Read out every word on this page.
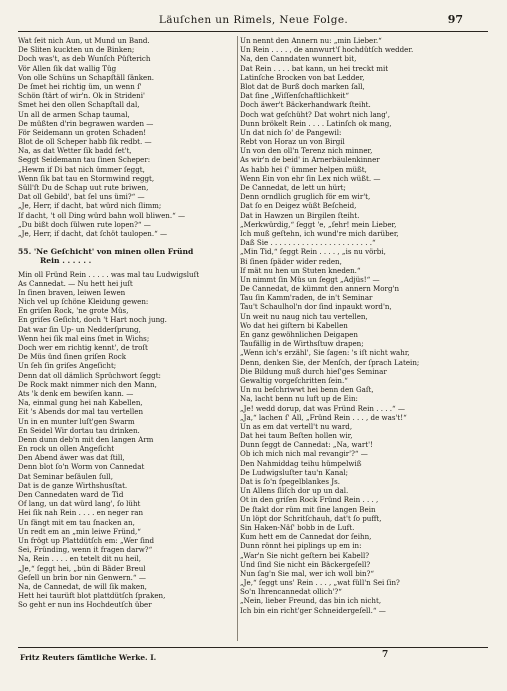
Läuſchen un Rimels, Neue Folge.	97
Wat ſeit nich Aun, ut Mund un Band.
De Sliten kuckten un de Binken;
Doch was't, as deb Wunſch Püſterich
Vör Allen ſik dat wallig Tüg
Von olle Schüns un Schapſtäll ſänken.
De ſmet hei richtig üm, un wenn ſ'
Schön ſtärt of wir'n. Ok in Strideni'
Smet hei den ollen Schapſtall dal,
Un all de armen Schap taumal,
De müßten d'rin begrawen warden —
För Seidemann un groten Schaden!
Blot de oll Scheper habb ſik redbt. —
Na, as dat Wetter ſik badd ſet't,
Seggt Seidemann tau ſinen Scheper:
„Hewm if Di bat nich ümmer ſeggt,
Wenn ſik bat tau en Stormwind reggt,
Süll'ſt Du de Schap uut rute briwen,
Dat oll Gebild', bat ſel uns ümi?“ —
„Je, Herr, if dacht, bat würd nich ſlimm;
If dacht, 't oll Ding würd bahn woll bliwen.“ —
„Du bißt doch ſülwen rute lopen?“ —
„Je, Herr, if dacht, dat ſchöt taulopen.“ —
55. 'Ne Geſchicht' von minen ollen Fründ
Rein . . . . . .
Min oll Fründ Rein . . . . . was mal tau Ludwigsluſt
As Cannedat. — Nu hett hei juſt
In ſinen braven, leiwen Iewen
Nich vel up ſchöne Kleidung gewen:
En griſen Rock, 'ne grote Müs,
En griſes Geſicht, doch 't Hart noch jung.
Dat war ſin Up- un Nedderſprung,
Wenn hei ſik mal eins ſmet in Wichs;
Doch wer em richtig kennt', de troſt
De Müs ünd ſinen griſen Rock
Un ſeh ſin griſes Angeſicht;
Denn dat oll dämlich Sprüchwort ſeggt:
De Rock makt nimmer nich den Mann,
Ats 'k denk em bewiſen kann. —
Na, einmal gung hei nah Kabellen,
Eit 's Abends dor mal tau vertellen
Un in en munter luſt'gen Swarm
En Seidel Wir dortau tau drinken.
Denn dunn deb'n mit den langen Arm
En rock un ollen Angeſicht
Den Abend äwer was dat ſtill,
Denn blot ſo'n Worm von Cannedat
Dat Seminar beſäulen ſull,
Dat is de ganze Wirthshusſtat.
Den Cannedaten ward de Tid
Of lang, un dat würd lang', ſo lüht
Hei ſik nah Rein . . . . en neger ran
Un fängt mit em tau ſnacken an,
Un redt em an „min leiwe Fründ,“
Un frögt up Plattdütſch em: „Wer ſind
Sei, Fründing, wenn it fragen darw?“
Na, Rein . . . . en tetelt dit nu heil,
„Je,“ ſeggt hei, „bün di Bäder Breul
Geſell un brin bor nin Genwern.“ —
Na, de Cannedat, de will ſik maken,
Hett hei taurüft blot plattdütſch ſpraken,
So geht er nun ins Hochdeutſch über
Un nennt den Annern nu: „min Lieber.“
Un Rein . . . . , de annwurt'ſ hochdütſch wedder.
Na, den Canndaten wunnert bit,
Dat Rein . . . . bat kann, un hei treckt mit
Latinſche Brocken von bat Ledder,
Blot dat de Burß doch marken ſall,
Dat ſine „Wiſſenſchaftlichkeit“
Doch äwer't Bäckerhandwark ſteiht.
Doch wat geſchüht? Dat wohrt nich lang',
Dunn brökelt Rein . . . . Latinſch ok mang,
Un dat nich ſo' de Pangewil:
Rebt von Horaz un von Birgil
Un von den oll'n Terenz nich minner,
As wir'n de beid' in Arnerbäulenkinner
As habb hei ſ' ümmer helpen müßt,
Wenn Ein von ehr ſin Lex nich wüßt. —
De Cannedat, de lett un hürt;
Denn orndlich gruglich för em wir't,
Dat ſo en Deigez wüßt Beſcheid,
Dat in Hawzen un Birgilen ſteiht.
„Merkwürdig,“ ſeggt 'e, „ſehr! mein Lieber,
Ich muß geſtehn, ich wund're mich darüber,
Daß Sie . . . . . . . . . . . . . . . . . . . . . . .“
„Min Tid,“ ſeggt Rein . . . . , „is nu vörbi,
Bi ſinen ſpäder wider reden,
If mät nu hen un Stuten kneden.“
Un nimmt ſin Müs un ſeggt „Adjüs!“ —
De Cannedat, de kümmt den annern Morg'n
Tau ſin Kamm'raden, de in't Seminar
Tau't Schaulhol'n dor ſind inpaukt word'n,
Un weit nu naug nich tau vertellen,
Wo dat hei giſtern bi Kabellen
En ganz gewöhnlichen Deigapen
Taufällig in de Wirthsſtuw drapen;
„Wenn ich's erzähl', Sie ſagen: 's iſt nicht wahr,
Denn, denken Sie, der Menſch, der ſprach Latein;
Die Bildung muß durch hieſ'ges Seminar
Gewaltig vorgeſchritten ſein.“
Un nu beſchriwwt hei benn den Gaſt,
Na, lacht benn nu luft up de Ein:
„Je! wedd dorup, dat was Fründ Rein . . . .“ —
„Ja,“ lachen ſ' All, „Fründ Rein . . . , de was't!“
Un as em dat vertell't nu ward,
Dat hei taum Beſten hollen wir,
Dunn ſeggt de Cannedat: „Na, wart'!
Ob ich mich nich mal revangir'?“ —
Den Nahmiddag teihu hümpelwiß
De Ludwigsluſter tau'n Kanal;
Dat is ſo'n ſpegelblankes Js.
Un Allens ſliſch dor up un dal.
Ot in den griſen Rock Fründ Rein . . . ,
De ſtakt dor rüm mit ſine langen Bein
Un löpt dor Schritſchauh, dat't ſo pufft,
Sin Haken-Näſ' bobb in de Luft.
Kum hett em de Cannedat dor ſeihn,
Dunn rönnt hei piplings up em in:
„War'n Sie nicht geſtern bei Kabell?
Und ſind Sie nicht ein Bäckergeſell?
Nun ſag'n Sie mal, wer ich woll bin?“
„Je,“ ſeggt uns' Rein . . . , „wat füll'n Sei ſin?
So'n Ihrencannedat ollich'?“
„Nein, lieber Freund, das bin ich nicht,
Ich bin ein richt'ger Schneidergeſell.“ —
Fritz Reuters ſämtliche Werke. I.	7
